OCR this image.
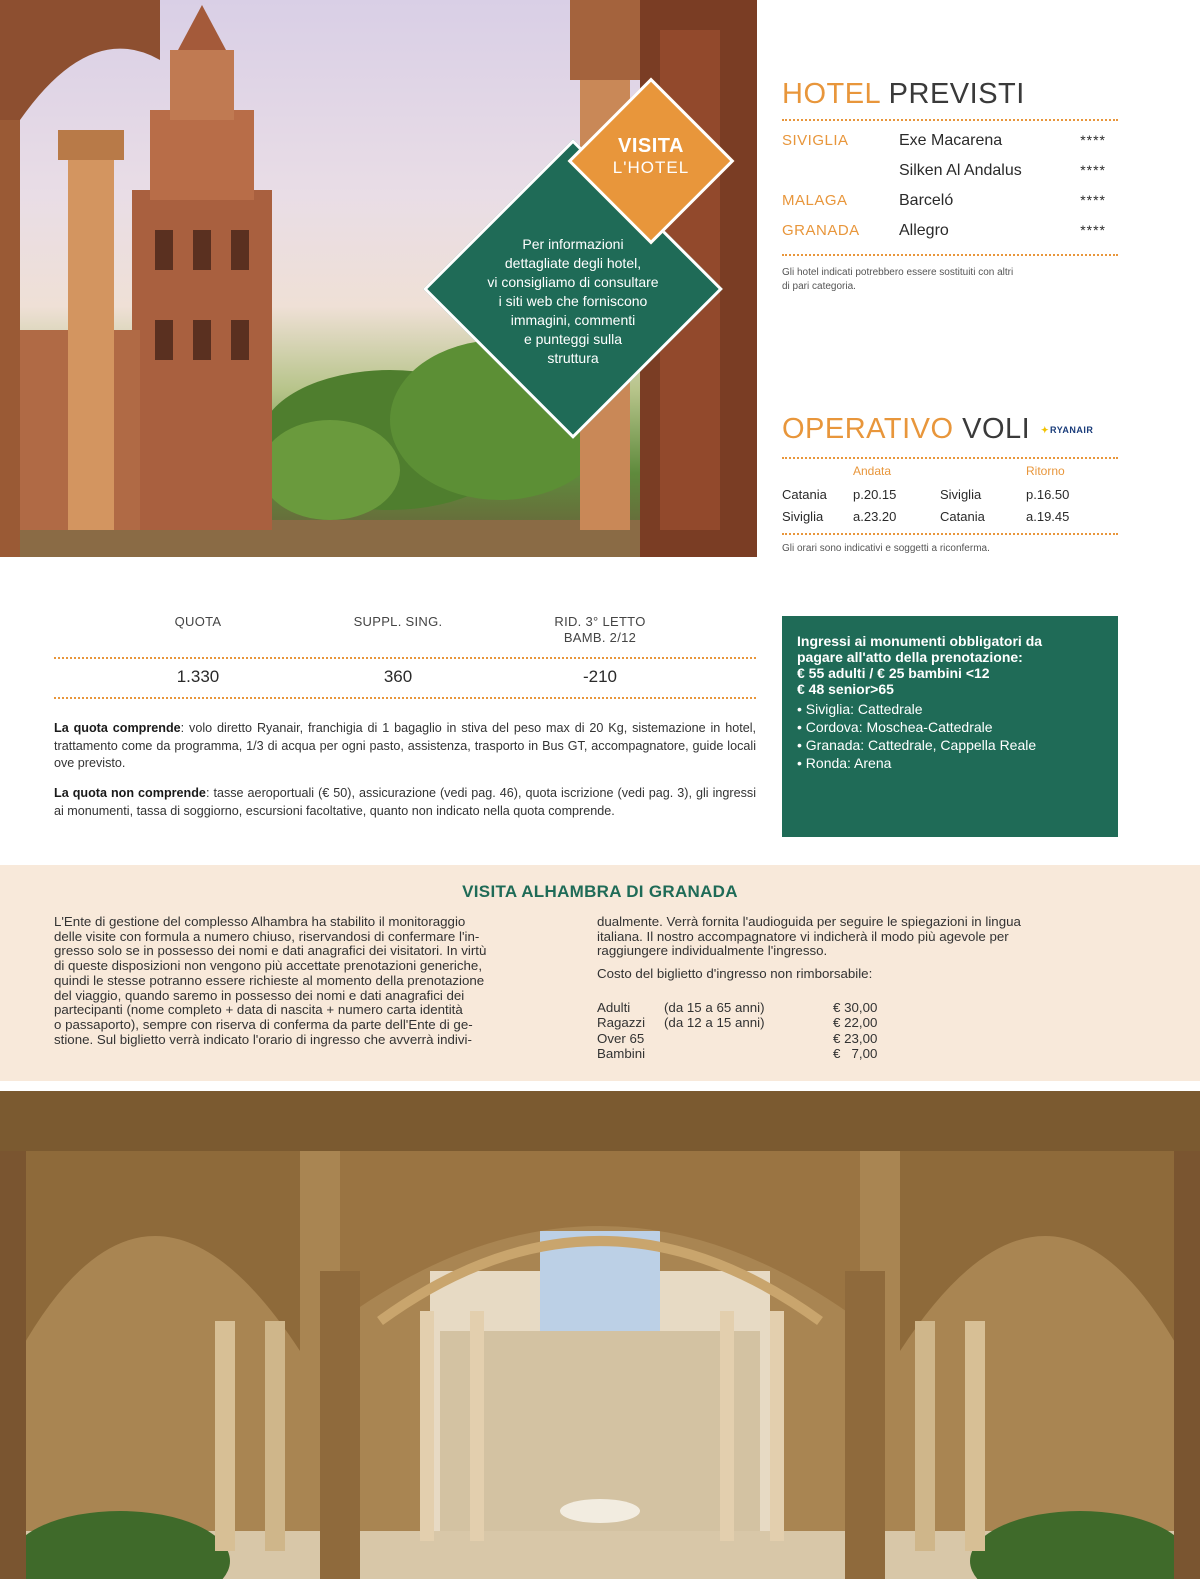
Per informazioni
dettagliate degli hotel,
vi consigliamo di consultare
i siti web che forniscono
immagini, commenti
e punteggi sulla
struttura
VISITA
L'HOTEL
HOTEL PREVISTI
SIVIGLIA	Exe Macarena	****
Silken Al Andalus	****
MALAGA	Barceló	****
GRANADA Allegro	****
Gli hotel indicati potrebbero essere sostituiti con altri
di pari categoria.
OPERATIVO VOLI ✦RYANAIR
Andata	Ritorno
Catania p.20.15	Siviglia	p.16.50
Siviglia a.23.20	Catania	a.19.45
Gli orari sono indicativi e soggetti a riconferma.
QUOTA	SUPPL. SING.	RID. 3° LETTO
BAMB. 2/12
1.330	360	-210
La quota comprende: volo diretto Ryanair, franchigia di 1 bagaglio in stiva del peso max di 20 Kg, sistemazione in hotel, trattamento come da programma, 1/3 di acqua per ogni pasto, assistenza, trasporto in Bus GT, accompagnatore, guide locali ove previsto.
La quota non comprende: tasse aeroportuali (€ 50), assicurazione (vedi pag. 46), quota iscrizione (vedi pag. 3), gli ingressi ai monumenti, tassa di soggiorno, escursioni facoltative, quanto non indicato nella quota comprende.
Ingressi ai monumenti obbligatori da
pagare all'atto della prenotazione:
€ 55 adulti / € 25 bambini <12
€ 48 senior>65
• Siviglia: Cattedrale
• Cordova: Moschea-Cattedrale
• Granada: Cattedrale, Cappella Reale
• Ronda: Arena
VISITA ALHAMBRA DI GRANADA
L'Ente di gestione del complesso Alhambra ha stabilito il monitoraggio
delle visite con formula a numero chiuso, riservandosi di confermare l'in-
gresso solo se in possesso dei nomi e dati anagrafici dei visitatori. In virtù
di queste disposizioni non vengono più accettate prenotazioni generiche,
quindi le stesse potranno essere richieste al momento della prenotazione
del viaggio, quando saremo in possesso dei nomi e dati anagrafici dei
partecipanti (nome completo + data di nascita + numero carta identità
o passaporto), sempre con riserva di conferma da parte dell'Ente di ge-
stione. Sul biglietto verrà indicato l'orario di ingresso che avverrà indivi-
dualmente. Verrà fornita l'audioguida per seguire le spiegazioni in lingua
italiana. Il nostro accompagnatore vi indicherà il modo più agevole per
raggiungere individualmente l'ingresso.
Costo del biglietto d'ingresso non rimborsabile:
Adulti	(da 15 a 65 anni)	€ 30,00
Ragazzi (da 12 a 15 anni)	€ 22,00
Over 65	€ 23,00
Bambini	€   7,00
